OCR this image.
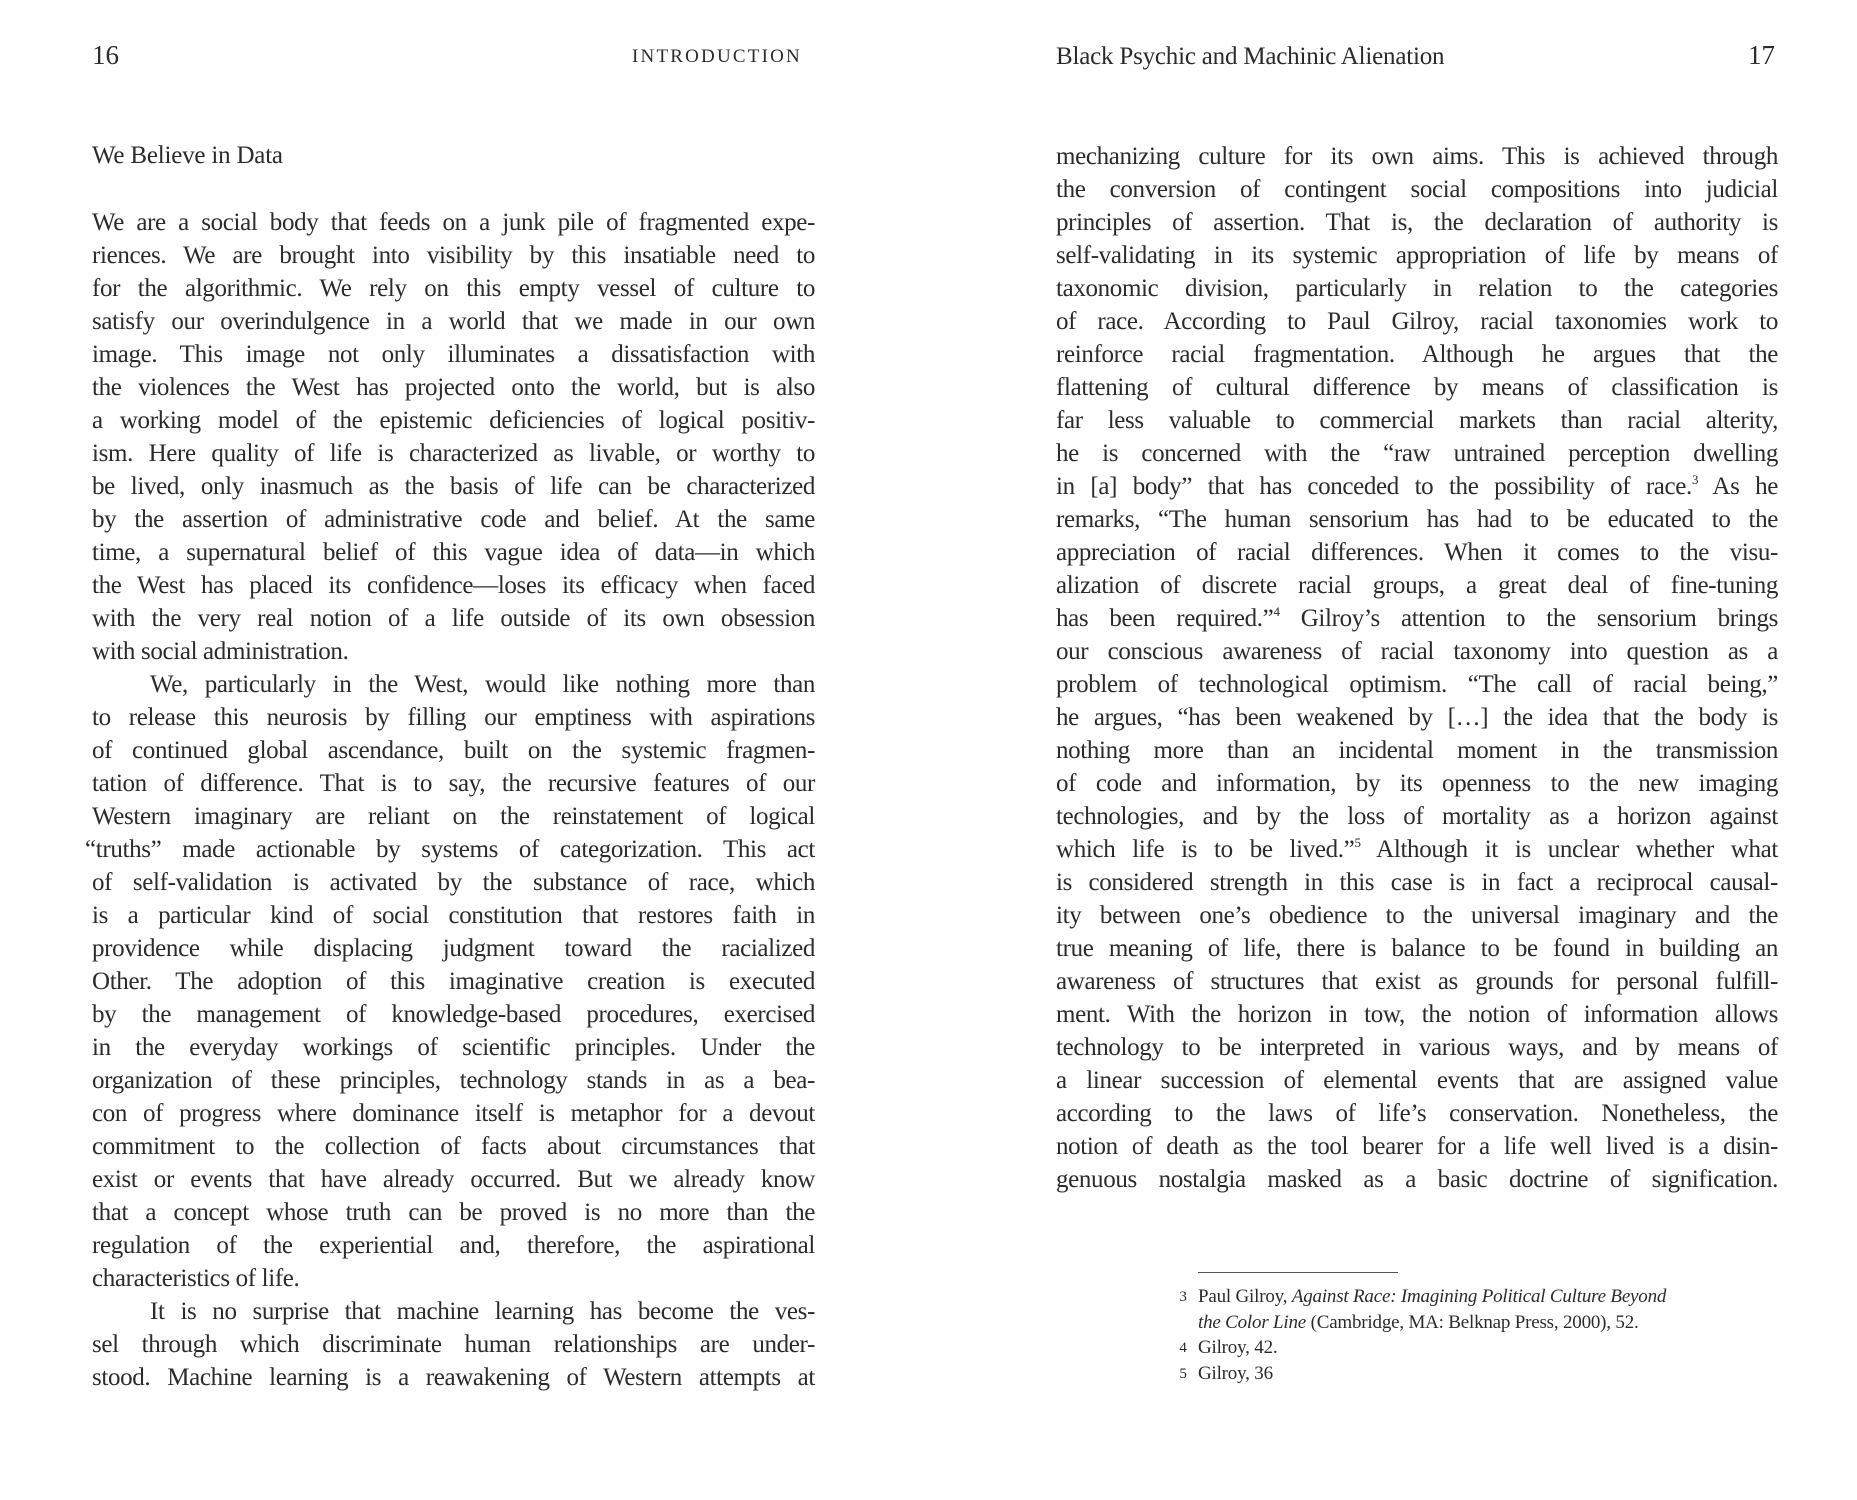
16	INTRODUCTION
We Believe in Data
We are a social body that feeds on a junk pile of fragmented expe-
riences. We are brought into visibility by this insatiable need to
for the algorithmic. We rely on this empty vessel of culture to
satisfy our overindulgence in a world that we made in our own
image. This image not only illuminates a dissatisfaction with
the violences the West has projected onto the world, but is also
a working model of the epistemic deficiencies of logical positiv-
ism. Here quality of life is characterized as livable, or worthy to
be lived, only inasmuch as the basis of life can be characterized
by the assertion of administrative code and belief. At the same
time, a supernatural belief of this vague idea of data—in which
the West has placed its confidence—loses its efficacy when faced
with the very real notion of a life outside of its own obsession
with social administration.
We, particularly in the West, would like nothing more than
to release this neurosis by filling our emptiness with aspirations
of continued global ascendance, built on the systemic fragmen-
tation of difference. That is to say, the recursive features of our
Western imaginary are reliant on the reinstatement of logical
“truths” made actionable by systems of categorization. This act
of self-validation is activated by the substance of race, which
is a particular kind of social constitution that restores faith in
providence while displacing judgment toward the racialized
Other. The adoption of this imaginative creation is executed
by the management of knowledge-based procedures, exercised
in the everyday workings of scientific principles. Under the
organization of these principles, technology stands in as a bea-
con of progress where dominance itself is metaphor for a devout
commitment to the collection of facts about circumstances that
exist or events that have already occurred. But we already know
that a concept whose truth can be proved is no more than the
regulation of the experiential and, therefore, the aspirational
characteristics of life.
It is no surprise that machine learning has become the ves-
sel through which discriminate human relationships are under-
stood. Machine learning is a reawakening of Western attempts at
Black Psychic and Machinic Alienation	17
mechanizing culture for its own aims. This is achieved through
the conversion of contingent social compositions into judicial
principles of assertion. That is, the declaration of authority is
self-validating in its systemic appropriation of life by means of
taxonomic division, particularly in relation to the categories
of race. According to Paul Gilroy, racial taxonomies work to
reinforce racial fragmentation. Although he argues that the
flattening of cultural difference by means of classification is
far less valuable to commercial markets than racial alterity,
he is concerned with the “raw untrained perception dwelling
in [a] body” that has conceded to the possibility of race.$^3$ As he
remarks, “The human sensorium has had to be educated to the
appreciation of racial differences. When it comes to the visu-
alization of discrete racial groups, a great deal of fine-tuning
has been required.”$^4$ Gilroy’s attention to the sensorium brings
our conscious awareness of racial taxonomy into question as a
problem of technological optimism. “The call of racial being,”
he argues, “has been weakened by […] the idea that the body is
nothing more than an incidental moment in the transmission
of code and information, by its openness to the new imaging
technologies, and by the loss of mortality as a horizon against
which life is to be lived.”$^5$ Although it is unclear whether what
is considered strength in this case is in fact a reciprocal causal-
ity between one’s obedience to the universal imaginary and the
true meaning of life, there is balance to be found in building an
awareness of structures that exist as grounds for personal fulfill-
ment. With the horizon in tow, the notion of information allows
technology to be interpreted in various ways, and by means of
a linear succession of elemental events that are assigned value
according to the laws of life’s conservation. Nonetheless, the
notion of death as the tool bearer for a life well lived is a disin-
genuous nostalgia masked as a basic doctrine of signification.
3 Paul Gilroy, Against Race: Imagining Political Culture Beyond
the Color Line (Cambridge, MA: Belknap Press, 2000), 52.
4 Gilroy, 42.
5 Gilroy, 36
